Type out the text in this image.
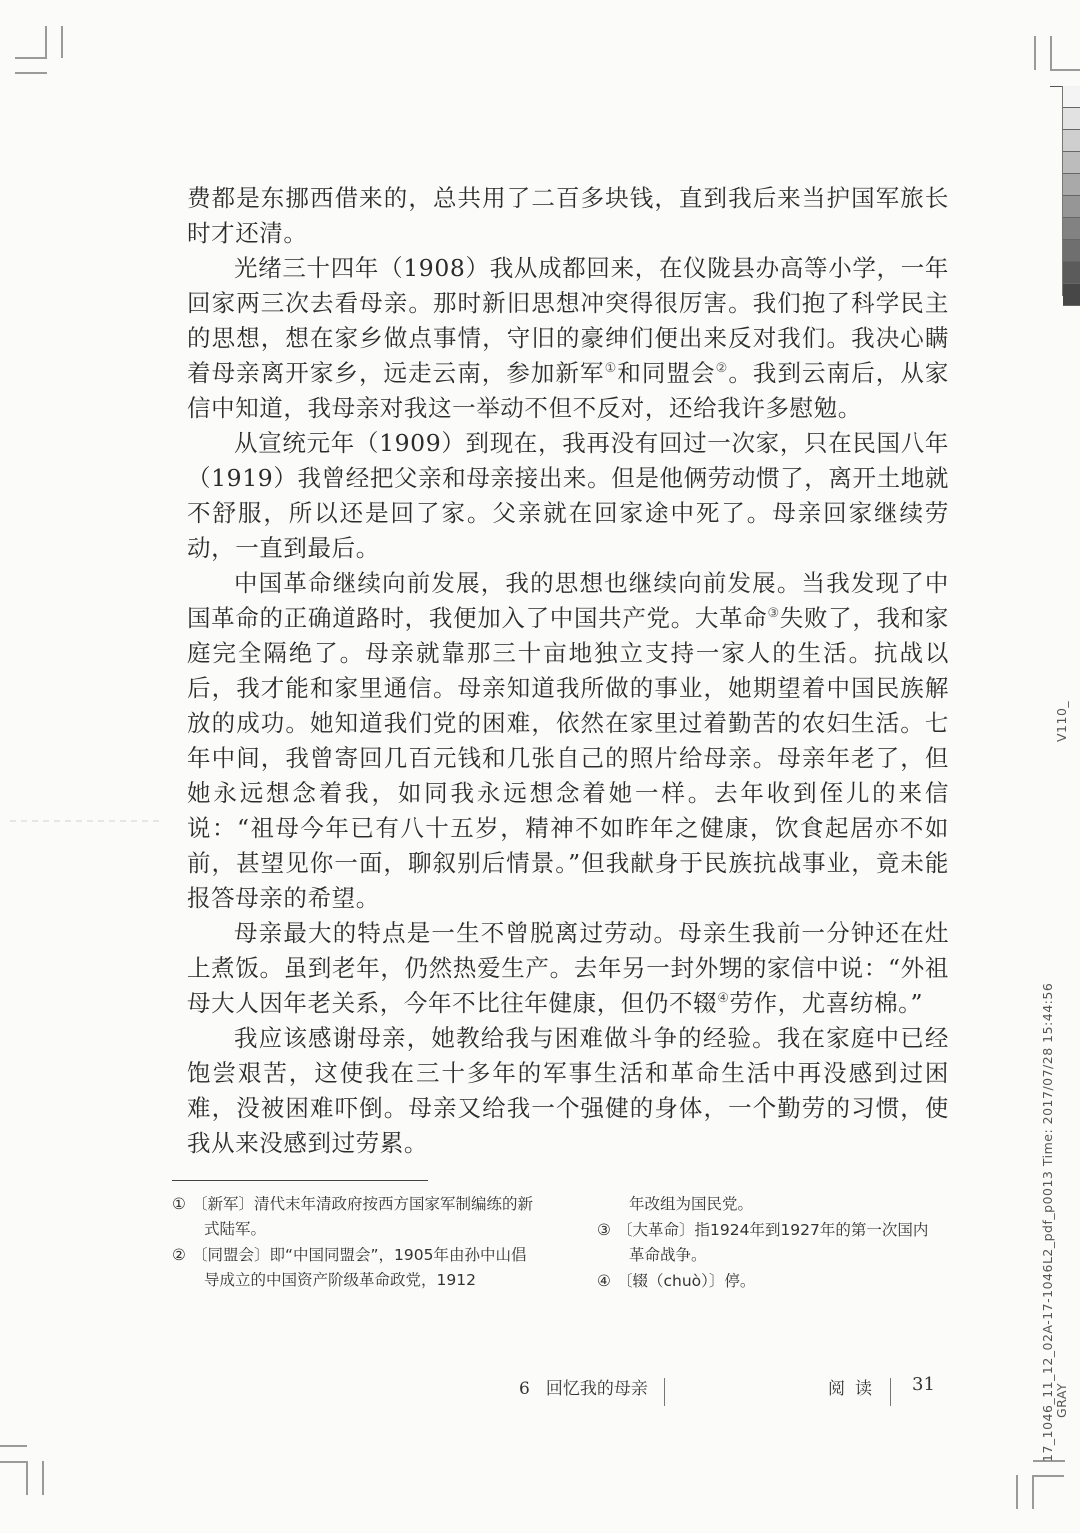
费都是东挪西借来的，总共用了二百多块钱，直到我后来当护国军旅长时才还清。

光绪三十四年（1908）我从成都回来，在仪陇县办高等小学，一年回家两三次去看母亲。那时新旧思想冲突得很厉害。我们抱了科学民主的思想，想在家乡做点事情，守旧的豪绅们便出来反对我们。我决心瞒着母亲离开家乡，远走云南，参加新军①和同盟会②。我到云南后，从家信中知道，我母亲对我这一举动不但不反对，还给我许多慰勉。

从宣统元年（1909）到现在，我再没有回过一次家，只在民国八年（1919）我曾经把父亲和母亲接出来。但是他俩劳动惯了，离开土地就不舒服，所以还是回了家。父亲就在回家途中死了。母亲回家继续劳动，一直到最后。

中国革命继续向前发展，我的思想也继续向前发展。当我发现了中国革命的正确道路时，我便加入了中国共产党。大革命③失败了，我和家庭完全隔绝了。母亲就靠那三十亩地独立支持一家人的生活。抗战以后，我才能和家里通信。母亲知道我所做的事业，她期望着中国民族解放的成功。她知道我们党的困难，依然在家里过着勤苦的农妇生活。七年中间，我曾寄回几百元钱和几张自己的照片给母亲。母亲年老了，但她永远想念着我，如同我永远想念着她一样。去年收到侄儿的来信说：“祖母今年已有八十五岁，精神不如昨年之健康，饮食起居亦不如前，甚望见你一面，聊叙别后情景。”但我献身于民族抗战事业，竟未能报答母亲的希望。

母亲最大的特点是一生不曾脱离过劳动。母亲生我前一分钟还在灶上煮饭。虽到老年，仍然热爱生产。去年另一封外甥的家信中说：“外祖母大人因年老关系，今年不比往年健康，但仍不辍④劳作，尤喜纺棉。”

我应该感谢母亲，她教给我与困难做斗争的经验。我在家庭中已经饱尝艰苦，这使我在三十多年的军事生活和革命生活中再没感到过困难，没被困难吓倒。母亲又给我一个强健的身体，一个勤劳的习惯，使我从来没感到过劳累。

① 〔新军〕清代末年清政府按西方国家军制编练的新式陆军。

② 〔同盟会〕即“中国同盟会”，1905年由孙中山倡导成立的中国资产阶级革命政党，1912

年改组为国民党。

③ 〔大革命〕指1924年到1927年的第一次国内革命战争。

④ 〔辍（chuò）〕停。

6 回忆我的母亲	阅读 31
V110_
17_1046_11_12_02A-17-1046L2_pdf_p0013 Time: 2017/07/28 15:44:56 GRAY
